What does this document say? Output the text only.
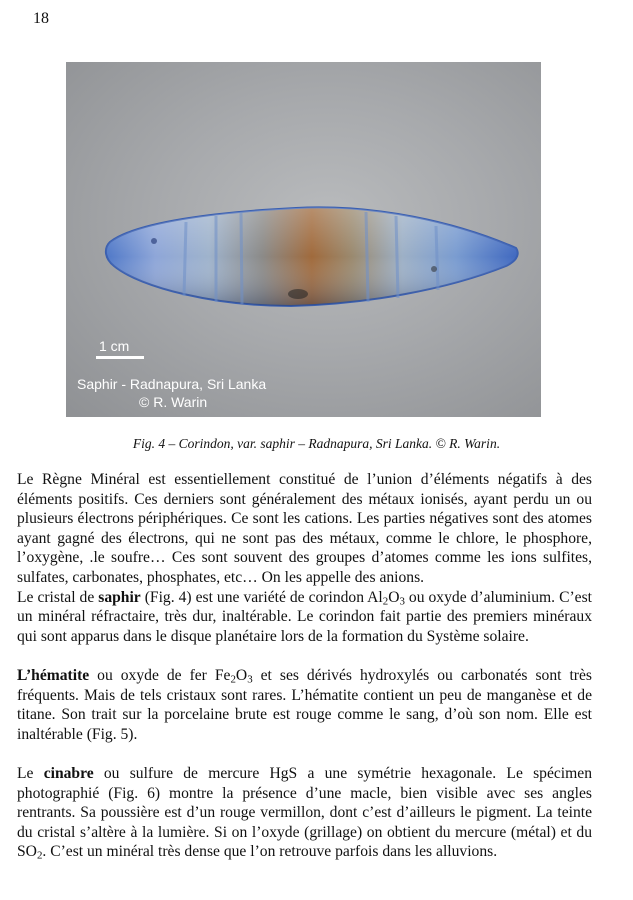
18
1 cm
Saphir - Radnapura, Sri Lanka
© R. Warin
Fig. 4 – Corindon, var. saphir – Radnapura, Sri Lanka. © R. Warin.

Le Règne Minéral est essentiellement constitué de l’union d’éléments négatifs à des éléments positifs. Ces derniers sont généralement des métaux ionisés, ayant perdu un ou plusieurs électrons périphériques. Ce sont les cations. Les parties négatives sont des atomes ayant gagné des électrons, qui ne sont pas des métaux, comme le chlore, le phosphore, l’oxygène, .le soufre… Ces sont souvent des groupes d’atomes comme les ions sulfites, sulfates, carbonates, phosphates, etc… On les appelle des anions.

Le cristal de saphir (Fig. 4) est une variété de corindon $Al_2O_3$ ou oxyde d’aluminium. C’est un minéral réfractaire, très dur, inaltérable. Le corindon fait partie des premiers minéraux qui sont apparus dans le disque planétaire lors de la formation du Système solaire.

L’hématite ou oxyde de fer $Fe_2O_3$ et ses dérivés hydroxylés ou carbonatés sont très fréquents. Mais de tels cristaux sont rares. L’hématite contient un peu de manganèse et de titane. Son trait sur la porcelaine brute est rouge comme le sang, d’où son nom. Elle est inaltérable (Fig. 5).

Le cinabre ou sulfure de mercure HgS a une symétrie hexagonale. Le spécimen photographié (Fig. 6) montre la présence d’une macle, bien visible avec ses angles rentrants. Sa poussière est d’un rouge vermillon, dont c’est d’ailleurs le pigment. La teinte du cristal s’altère à la lumière. Si on l’oxyde (grillage) on obtient du mercure (métal) et du $SO_2$. C’est un minéral très dense que l’on retrouve parfois dans les alluvions.
